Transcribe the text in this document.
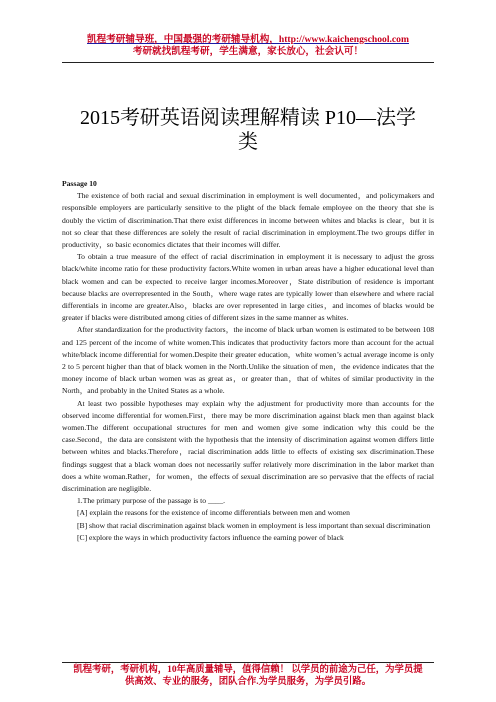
凯程考研辅导班，中国最强的考研辅导机构，http://www.kaichengschool.com
考研就找凯程考研，学生满意，家长放心，社会认可！
2015考研英语阅读理解精读 P10—法学类

Passage 10

The existence of both racial and sexual discrimination in employment is well documented，and policymakers and responsible employers are particularly sensitive to the plight of the black female employee on the theory that she is doubly the victim of discrimination.That there exist differences in income between whites and blacks is clear，but it is not so clear that these differences are solely the result of racial discrimination in employment.The two groups differ in productivity，so basic economics dictates that their incomes will differ.

To obtain a true measure of the effect of racial discrimination in employment it is necessary to adjust the gross black/white income ratio for these productivity factors.White women in urban areas have a higher educational level than black women and can be expected to receive larger incomes.Moreover，State distribution of residence is important because blacks are overrepresented in the South，where wage rates are typically lower than elsewhere and where racial differentials in income are greater.Also，blacks are over represented in large cities，and incomes of blacks would be greater if blacks were distributed among cities of different sizes in the same manner as whites.

After standardization for the productivity factors，the income of black urban women is estimated to be between 108 and 125 percent of the income of white women.This indicates that productivity factors more than account for the actual white/black income differential for women.Despite their greater education，white women’s actual average income is only 2 to 5 percent higher than that of black women in the North.Unlike the situation of men，the evidence indicates that the money income of black urban women was as great as，or greater than，that of whites of similar productivity in the North，and probably in the United States as a whole.

At least two possible hypotheses may explain why the adjustment for productivity more than accounts for the observed income differential for women.First，there may be more discrimination against black men than against black women.The different occupational structures for men and women give some indication why this could be the case.Second，the data are consistent with the hypothesis that the intensity of discrimination against women differs little between whites and blacks.Therefore，racial discrimination adds little to effects of existing sex discrimination.These findings suggest that a black woman does not necessarily suffer relatively more discrimination in the labor market than does a white woman.Rather，for women，the effects of sexual discrimination are so pervasive that the effects of racial discrimination are negligible.

1.The primary purpose of the passage is to ____.

[A] explain the reasons for the existence of income differentials between men and women

[B] show that racial discrimination against black women in employment is less important than sexual discrimination

[C] explore the ways in which productivity factors influence the earning power of black

凯程考研，考研机构，10年高质量辅导，值得信赖！ 以学员的前途为己任，为学员提
供高效、专业的服务，团队合作.为学员服务，为学员引路。
